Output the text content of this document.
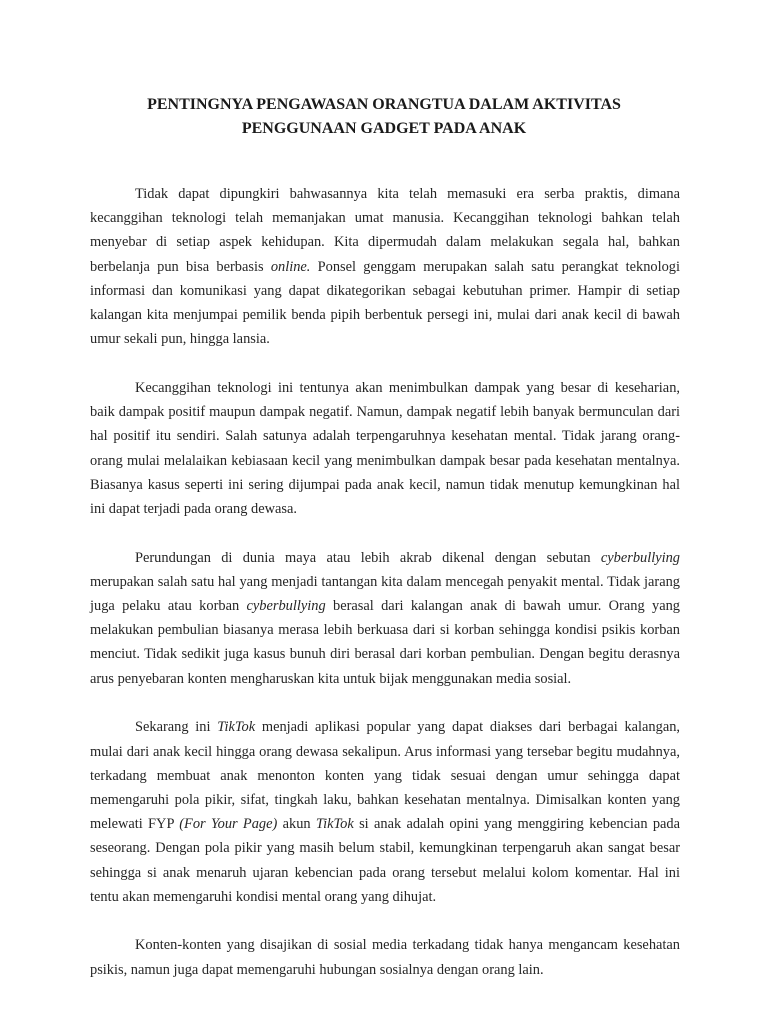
PENTINGNYA PENGAWASAN ORANGTUA DALAM AKTIVITAS
PENGGUNAAN GADGET PADA ANAK

Tidak dapat dipungkiri bahwasannya kita telah memasuki era serba praktis, dimana kecanggihan teknologi telah memanjakan umat manusia. Kecanggihan teknologi bahkan telah menyebar di setiap aspek kehidupan. Kita dipermudah dalam melakukan segala hal, bahkan berbelanja pun bisa berbasis online. Ponsel genggam merupakan salah satu perangkat teknologi informasi dan komunikasi yang dapat dikategorikan sebagai kebutuhan primer. Hampir di setiap kalangan kita menjumpai pemilik benda pipih berbentuk persegi ini, mulai dari anak kecil di bawah umur sekali pun, hingga lansia.

Kecanggihan teknologi ini tentunya akan menimbulkan dampak yang besar di keseharian, baik dampak positif maupun dampak negatif. Namun, dampak negatif lebih banyak bermunculan dari hal positif itu sendiri. Salah satunya adalah terpengaruhnya kesehatan mental. Tidak jarang orang-orang mulai melalaikan kebiasaan kecil yang menimbulkan dampak besar pada kesehatan mentalnya. Biasanya kasus seperti ini sering dijumpai pada anak kecil, namun tidak menutup kemungkinan hal ini dapat terjadi pada orang dewasa.

Perundungan di dunia maya atau lebih akrab dikenal dengan sebutan cyberbullying merupakan salah satu hal yang menjadi tantangan kita dalam mencegah penyakit mental. Tidak jarang juga pelaku atau korban cyberbullying berasal dari kalangan anak di bawah umur. Orang yang melakukan pembulian biasanya merasa lebih berkuasa dari si korban sehingga kondisi psikis korban menciut. Tidak sedikit juga kasus bunuh diri berasal dari korban pembulian. Dengan begitu derasnya arus penyebaran konten mengharuskan kita untuk bijak menggunakan media sosial.

Sekarang ini TikTok menjadi aplikasi popular yang dapat diakses dari berbagai kalangan, mulai dari anak kecil hingga orang dewasa sekalipun. Arus informasi yang tersebar begitu mudahnya, terkadang membuat anak menonton konten yang tidak sesuai dengan umur sehingga dapat memengaruhi pola pikir, sifat, tingkah laku, bahkan kesehatan mentalnya. Dimisalkan konten yang melewati FYP (For Your Page) akun TikTok si anak adalah opini yang menggiring kebencian pada seseorang. Dengan pola pikir yang masih belum stabil, kemungkinan terpengaruh akan sangat besar sehingga si anak menaruh ujaran kebencian pada orang tersebut melalui kolom komentar. Hal ini tentu akan memengaruhi kondisi mental orang yang dihujat.

Konten-konten yang disajikan di sosial media terkadang tidak hanya mengancam kesehatan psikis, namun juga dapat memengaruhi hubungan sosialnya dengan orang lain.
